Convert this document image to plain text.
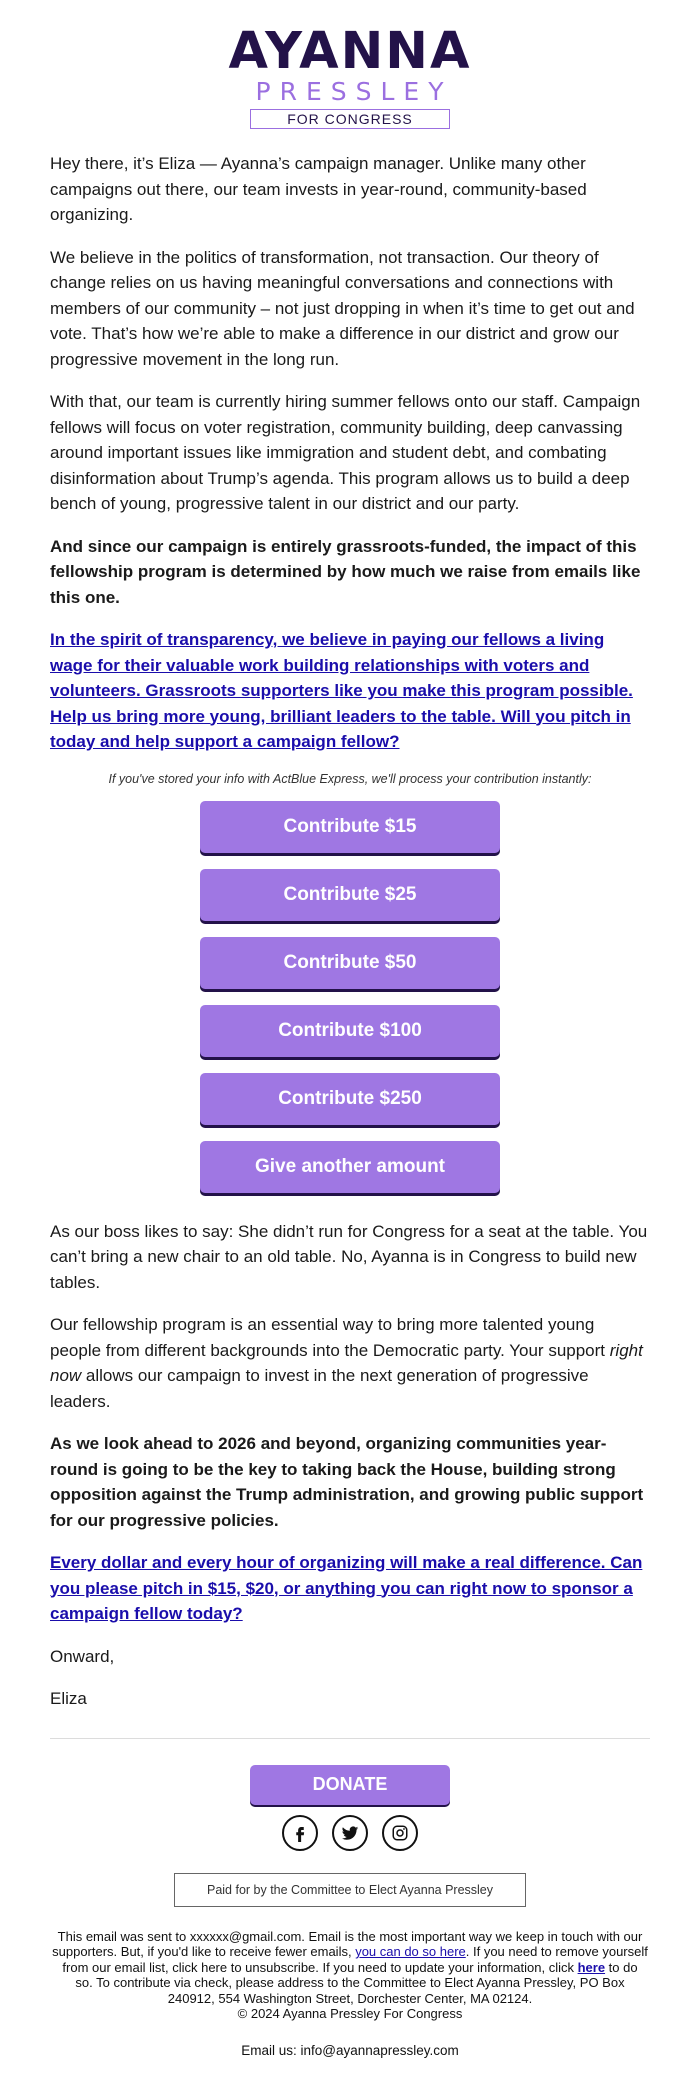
AYANNA
PRESSLEY
FOR CONGRESS

Hey there, it’s Eliza — Ayanna’s campaign manager. Unlike many other campaigns out there, our team invests in year-round, community-based organizing.

We believe in the politics of transformation, not transaction. Our theory of change relies on us having meaningful conversations and connections with members of our community – not just dropping in when it’s time to get out and vote. That’s how we’re able to make a difference in our district and grow our progressive movement in the long run.

With that, our team is currently hiring summer fellows onto our staff. Campaign fellows will focus on voter registration, community building, deep canvassing around important issues like immigration and student debt, and combating disinformation about Trump’s agenda. This program allows us to build a deep bench of young, progressive talent in our district and our party.

And since our campaign is entirely grassroots-funded, the impact of this fellowship program is determined by how much we raise from emails like this one.

In the spirit of transparency, we believe in paying our fellows a living wage for their valuable work building relationships with voters and volunteers. Grassroots supporters like you make this program possible. Help us bring more young, brilliant leaders to the table. Will you pitch in today and help support a campaign fellow?

If you've stored your info with ActBlue Express, we'll process your contribution instantly:
Contribute $15
Contribute $25
Contribute $50
Contribute $100
Contribute $250
Give another amount

As our boss likes to say: She didn’t run for Congress for a seat at the table. You can’t bring a new chair to an old table. No, Ayanna is in Congress to build new tables.

Our fellowship program is an essential way to bring more talented young people from different backgrounds into the Democratic party. Your support right now allows our campaign to invest in the next generation of progressive leaders.

As we look ahead to 2026 and beyond, organizing communities year-round is going to be the key to taking back the House, building strong opposition against the Trump administration, and growing public support for our progressive policies.

Every dollar and every hour of organizing will make a real difference. Can you please pitch in $15, $20, or anything you can right now to sponsor a campaign fellow today?

Onward,

Eliza

DONATE
Paid for by the Committee to Elect Ayanna Pressley
This email was sent to xxxxxx@gmail.com. Email is the most important way we keep in touch with our supporters. But, if you'd like to receive fewer emails, you can do so here. If you need to remove yourself from our email list, click here to unsubscribe. If you need to update your information, click here to do so. To contribute via check, please address to the Committee to Elect Ayanna Pressley, PO Box 240912, 554 Washington Street, Dorchester Center, MA 02124.
© 2024 Ayanna Pressley For Congress
Email us: info@ayannapressley.com
